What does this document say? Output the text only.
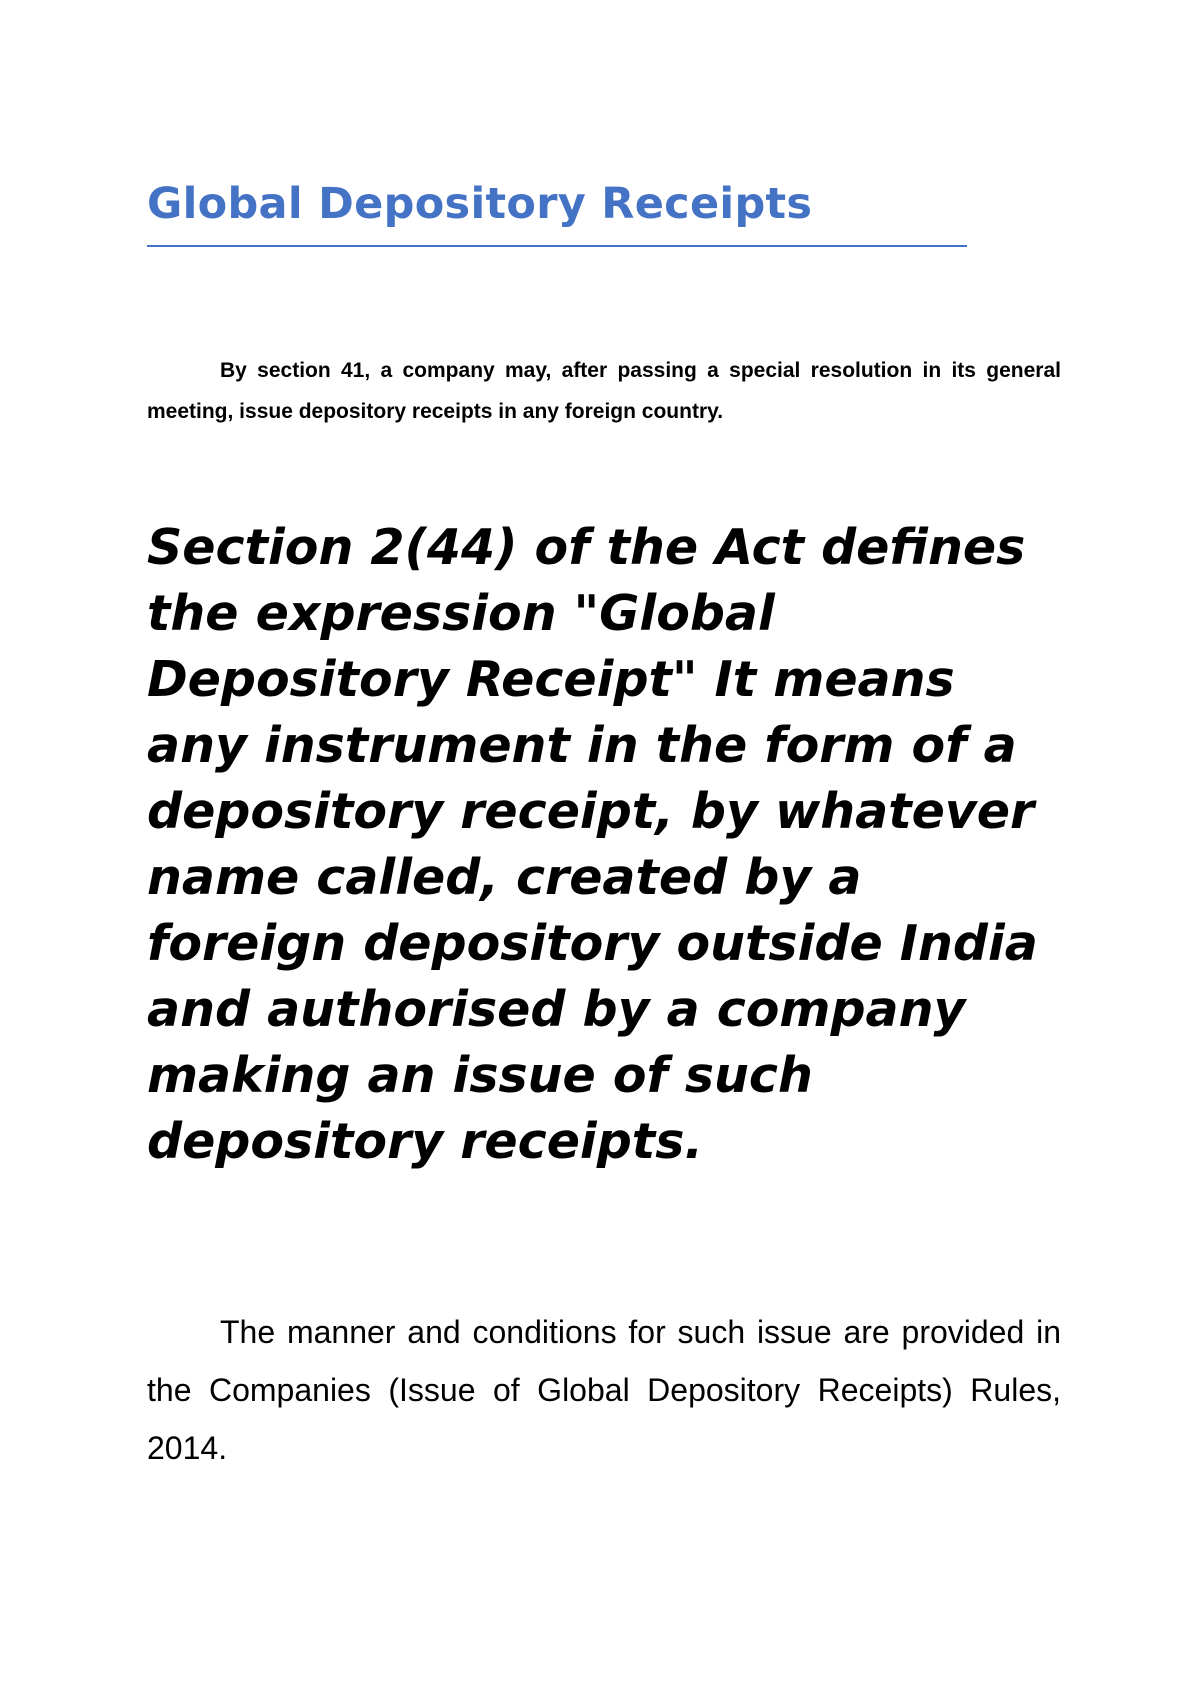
Global Depository Receipts

By section 41, a company may, after passing a special resolution in its general meeting, issue depository receipts in any foreign country.

Section 2(44) of the Act defines the expression "Global Depository Receipt" It means any instrument in the form of a depository receipt, by whatever name called, created by a foreign depository outside India and authorised by a company making an issue of such depository receipts.

The manner and conditions for such issue are provided in the Companies (Issue of Global Depository Receipts) Rules, 2014.
